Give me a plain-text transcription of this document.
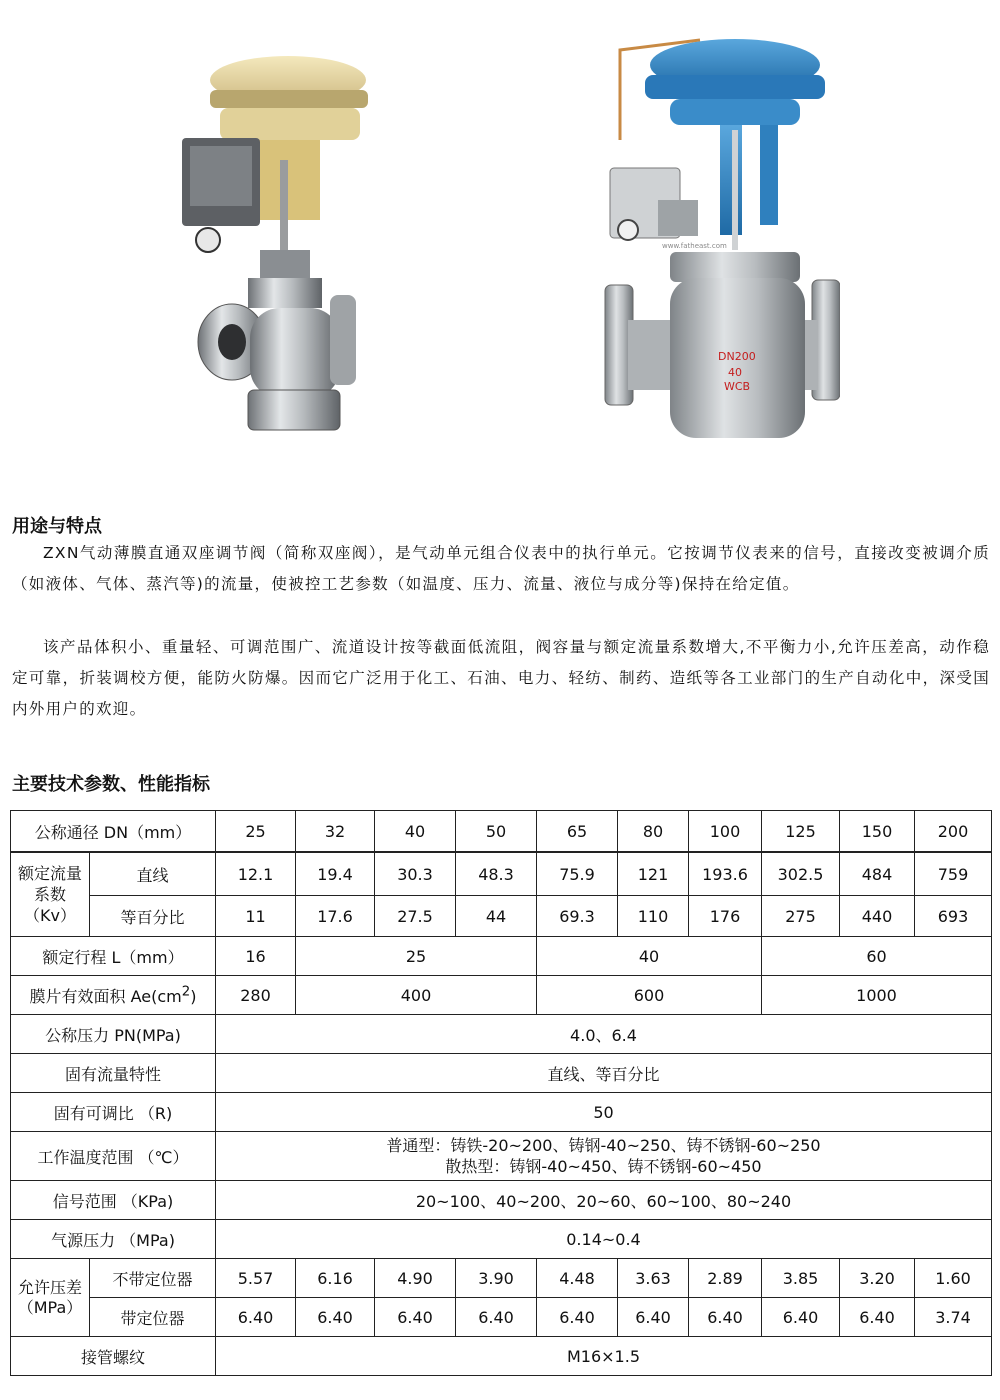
DN200
40
WCB
www.fatheast.com
用途与特点

ZXN气动薄膜直通双座调节阀（简称双座阀），是气动单元组合仪表中的执行单元。它按调节仪表来的信号，直接改变被调介质（如液体、气体、蒸汽等)的流量，使被控工艺参数（如温度、压力、流量、液位与成分等)保持在给定值。

该产品体积小、重量轻、可调范围广、流道设计按等截面低流阻，阀容量与额定流量系数增大,不平衡力小,允许压差高，动作稳定可靠，折装调校方便，能防火防爆。因而它广泛用于化工、石油、电力、轻纺、制药、造纸等各工业部门的生产自动化中，深受国内外用户的欢迎。

主要技术参数、性能指标
公称通径 DN（mm）		25	32	40	50	65	80	100	125	150	200
额定流量系数（Kv）	直线	12.1	19.4	30.3	48.3	75.9	121	193.6	302.5	484	759
	等百分比	11	17.6	27.5	44	69.3	110	176	275	440	693
额定行程 L（mm）		16	25			40			60		
膜片有效面积 $Ae(cm^2)$		280	400			600			1000		
公称压力 PN(MPa)		4.0、6.4									
固有流量特性		直线、等百分比									
固有可调比 （R)		50									
工作温度范围 （℃）		普通型：铸铁-20~200、铸钢-40~250、铸不锈钢-60~250
散热型：铸钢-40~450、铸不锈钢-60~450									

信号范围 （KPa)		20~100、40~200、20~60、60~100、80~240									
气源压力 （MPa)		0.14~0.4									
允许压差（MPa）	不带定位器	5.57	6.16	4.90	3.90	4.48	3.63	2.89	3.85	3.20	1.60
	带定位器	6.40	6.40	6.40	6.40	6.40	6.40	6.40	6.40	6.40	3.74
接管螺纹		M16×1.5									
